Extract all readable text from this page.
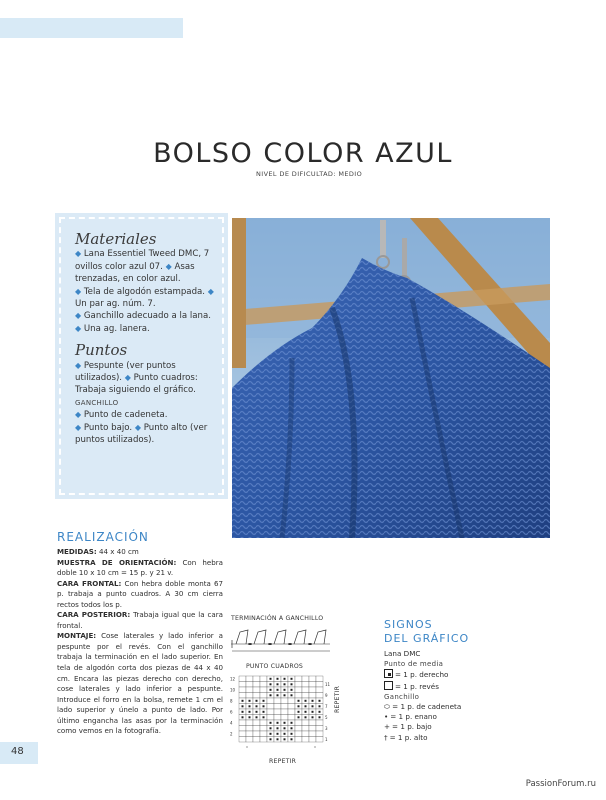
BOLSO COLOR AZUL
NIVEL DE DIFICULTAD: MEDIO
Materiales
◆ Lana Essentiel Tweed DMC, 7 ovillos color azul 07. ◆ Asas trenzadas, en color azul.
◆ Tela de algodón estampada. ◆ Un par ag. núm. 7.
◆ Ganchillo adecuado a la lana.
◆ Una ag. lanera.
Puntos
◆ Pespunte (ver puntos utilizados). ◆ Punto cuadros: Trabaja siguiendo el gráfico.
GANCHILLO
◆ Punto de cadeneta.
◆ Punto bajo. ◆ Punto alto (ver puntos utilizados).
REALIZACIÓN
MEDIDAS: 44 x 40 cm
MUESTRA DE ORIENTACIÓN: Con hebra doble 10 x 10 cm = 15 p. y 21 v.
CARA FRONTAL: Con hebra doble monta 67 p. trabaja a punto cuadros. A 30 cm cierra rectos todos los p.
CARA POSTERIOR: Trabaja igual que la cara frontal.
MONTAJE: Cose laterales y lado inferior a pespunte por el revés. Con el ganchillo trabaja la terminación en el lado superior. En tela de algodón corta dos piezas de 44 x 40 cm. Encara las piezas derecho con derecho, cose laterales y lado inferior a pespunte. Introduce el forro en la bolsa, remete 1 cm el lado superior y únelo a punto de lado. Por último engancha las asas por la terminación como vemos en la fotografía.
TERMINACIÓN A GANCHILLO
PUNTO CUADROS
12
10
8
6
4
2
11
9
7
5
3
1
REPETIR
REPETIR
SIGNOS
DEL GRÁFICO
Lana DMC
Punto de media
= 1 p. derecho
= 1 p. revés
Ganchillo
⬭ = 1 p. de cadeneta
• = 1 p. enano
+ = 1 p. bajo
† = 1 p. alto
48
PassionForum.ru
